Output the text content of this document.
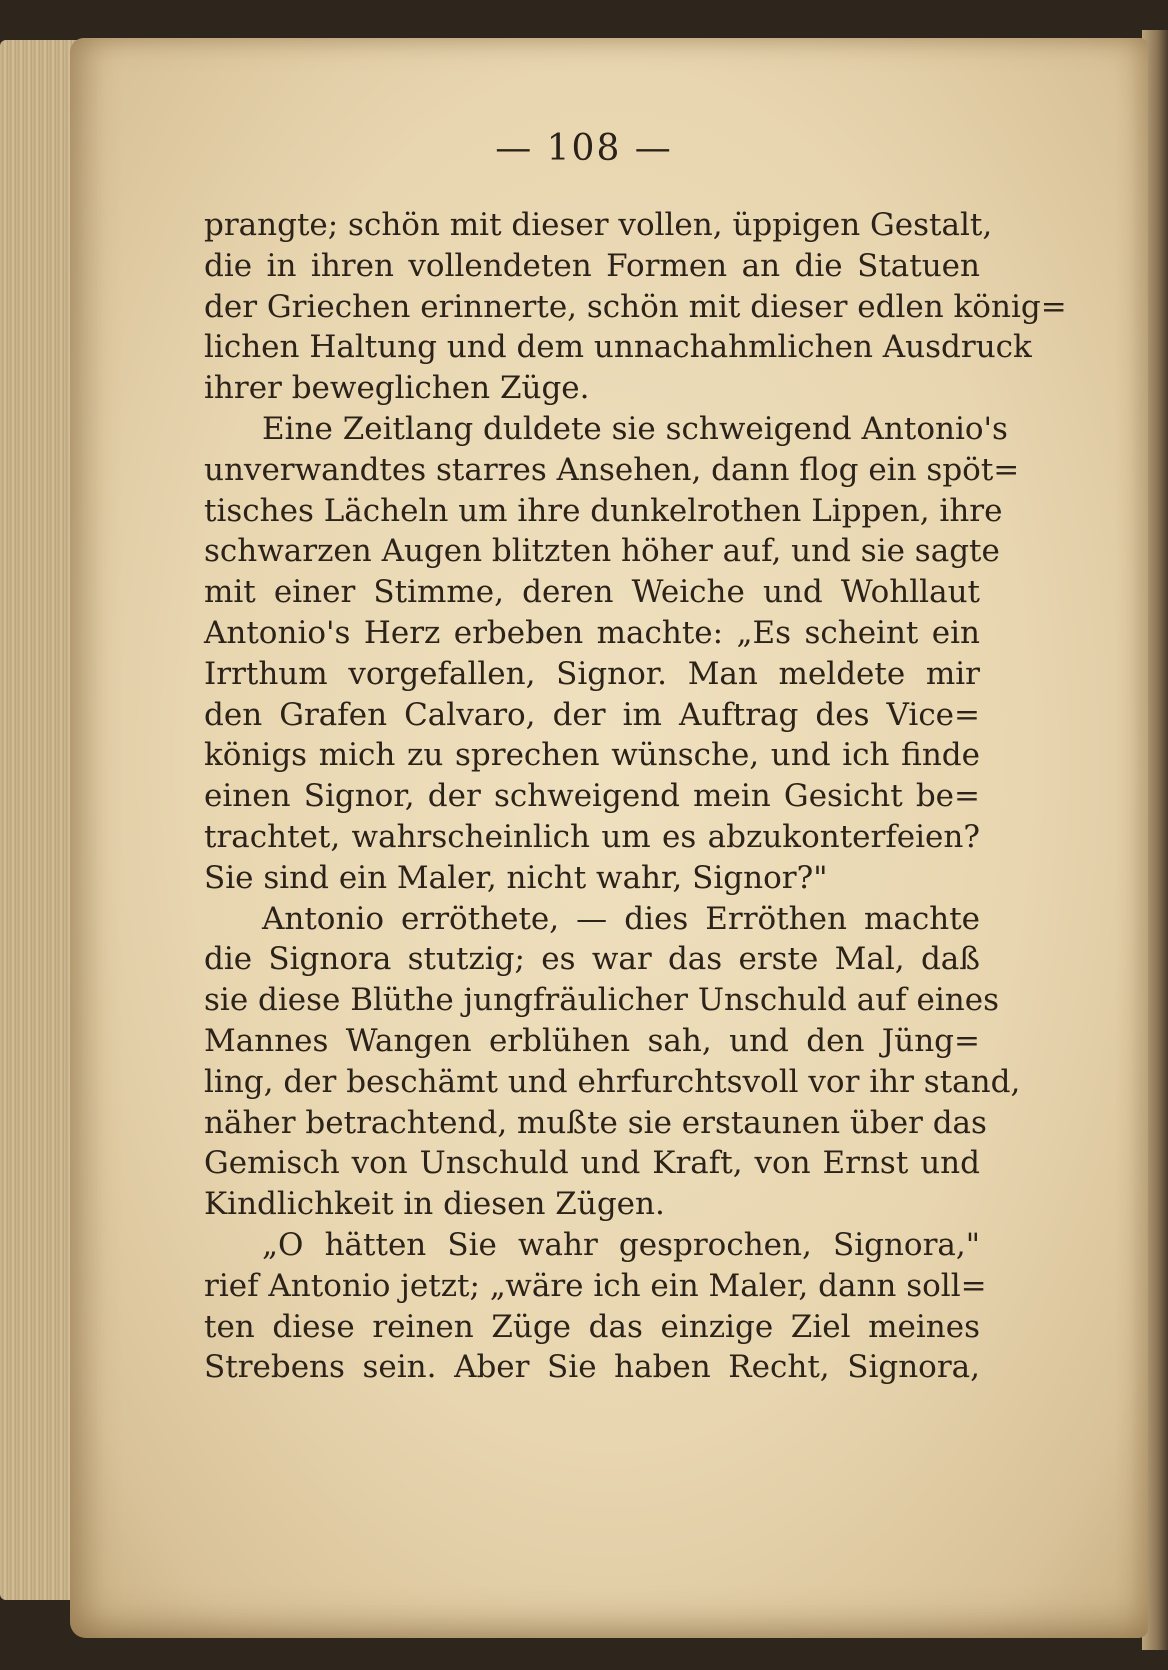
— 108 —
prangte; schön mit dieser vollen, üppigen Gestalt,
die in ihren vollendeten Formen an die Statuen
der Griechen erinnerte, schön mit dieser edlen könig=
lichen Haltung und dem unnachahmlichen Ausdruck
ihrer beweglichen Züge.
Eine Zeitlang duldete sie schweigend Antonio's
unverwandtes starres Ansehen, dann flog ein spöt=
tisches Lächeln um ihre dunkelrothen Lippen, ihre
schwarzen Augen blitzten höher auf, und sie sagte
mit einer Stimme, deren Weiche und Wohllaut
Antonio's Herz erbeben machte: „Es scheint ein
Irrthum vorgefallen, Signor. Man meldete mir
den Grafen Calvaro, der im Auftrag des Vice=
königs mich zu sprechen wünsche, und ich finde
einen Signor, der schweigend mein Gesicht be=
trachtet, wahrscheinlich um es abzukonterfeien?
Sie sind ein Maler, nicht wahr, Signor?"
Antonio erröthete, — dies Erröthen machte
die Signora stutzig; es war das erste Mal, daß
sie diese Blüthe jungfräulicher Unschuld auf eines
Mannes Wangen erblühen sah, und den Jüng=
ling, der beschämt und ehrfurchtsvoll vor ihr stand,
näher betrachtend, mußte sie erstaunen über das
Gemisch von Unschuld und Kraft, von Ernst und
Kindlichkeit in diesen Zügen.
„O hätten Sie wahr gesprochen, Signora,"
rief Antonio jetzt; „wäre ich ein Maler, dann soll=
ten diese reinen Züge das einzige Ziel meines
Strebens sein. Aber Sie haben Recht, Signora,
